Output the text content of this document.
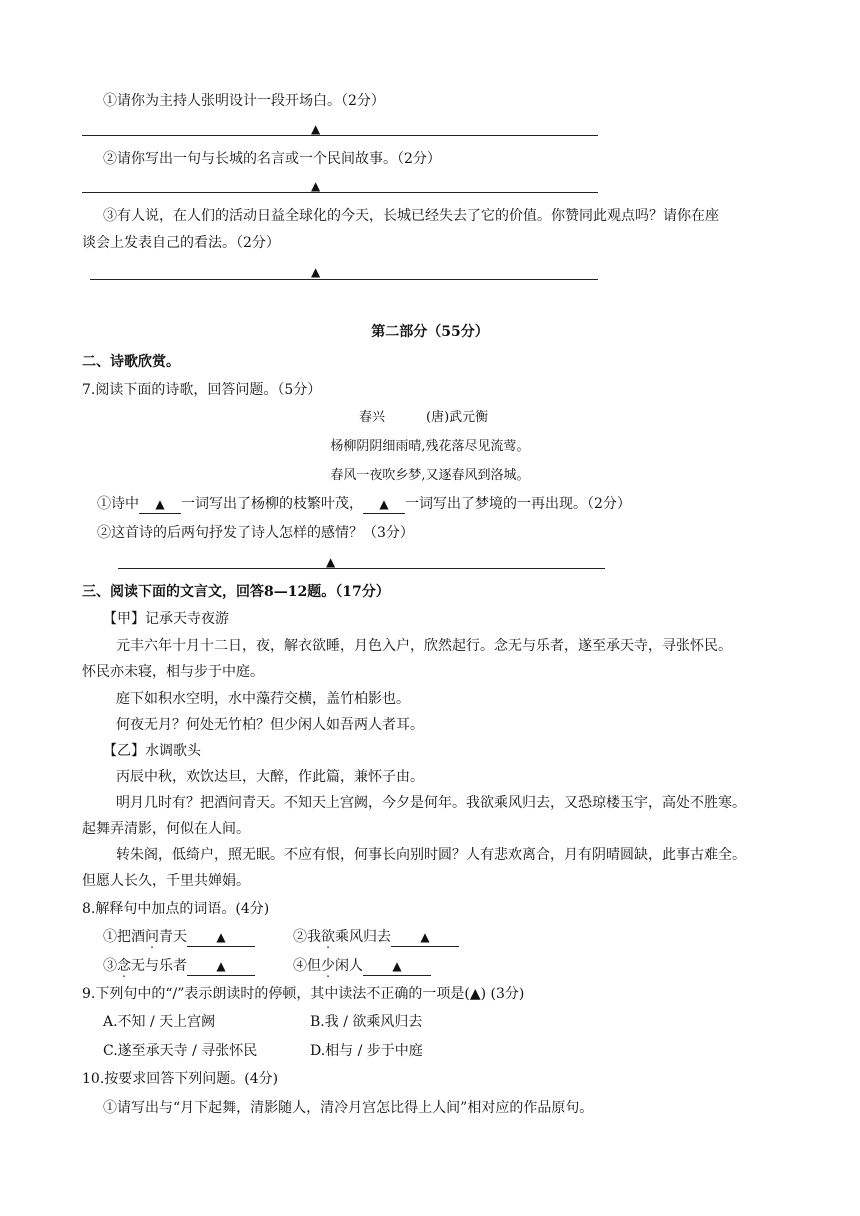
①请你为主持人张明设计一段开场白。（2分）
▲
②请你写出一句与长城的名言或一个民间故事。（2分）
▲
③有人说，在人们的活动日益全球化的今天，长城已经失去了它的价值。你赞同此观点吗？请你在座
谈会上发表自己的看法。（2分）
▲
第二部分（55分）
二、诗歌欣赏。
7.阅读下面的诗歌，回答问题。（5分）
春兴	(唐)武元衡
杨柳阴阴细雨晴,残花落尽见流莺。
春风一夜吹乡梦,又逐春风到洛城。
①诗中 ▲ 一词写出了杨柳的枝繁叶茂， ▲ 一词写出了梦境的一再出现。（2分）
②这首诗的后两句抒发了诗人怎样的感情？（3分）
▲
三、阅读下面的文言文，回答8—12题。（17分）
【甲】记承天寺夜游
元丰六年十月十二日，夜，解衣欲睡，月色入户，欣然起行。念无与乐者，遂至承天寺，寻张怀民。
怀民亦未寝，相与步于中庭。
庭下如积水空明，水中藻荇交横，盖竹柏影也。
何夜无月？何处无竹柏？但少闲人如吾两人者耳。
【乙】水调歌头
丙辰中秋，欢饮达旦，大醉，作此篇，兼怀子由。
明月几时有？把酒问青天。不知天上宫阙，今夕是何年。我欲乘风归去，又恐琼楼玉宇，高处不胜寒。
起舞弄清影，何似在人间。
转朱阁，低绮户，照无眠。不应有恨，何事长向别时圆？人有悲欢离合，月有阴晴圆缺，此事古难全。
但愿人长久，千里共婵娟。
8.解释句中加点的词语。(4分)
①把酒问青天 ▲	②我欲乘风归去 ▲
③念无与乐者 ▲	④但少闲人 ▲
9.下列句中的“/”表示朗读时的停顿，其中读法不正确的一项是(▲) (3分)
A.不知 / 天上宫阙	B.我 / 欲乘风归去
C.遂至承天寺 / 寻张怀民	D.相与 / 步于中庭
10.按要求回答下列问题。(4分)
①请写出与“月下起舞，清影随人，清冷月宫怎比得上人间”相对应的作品原句。
